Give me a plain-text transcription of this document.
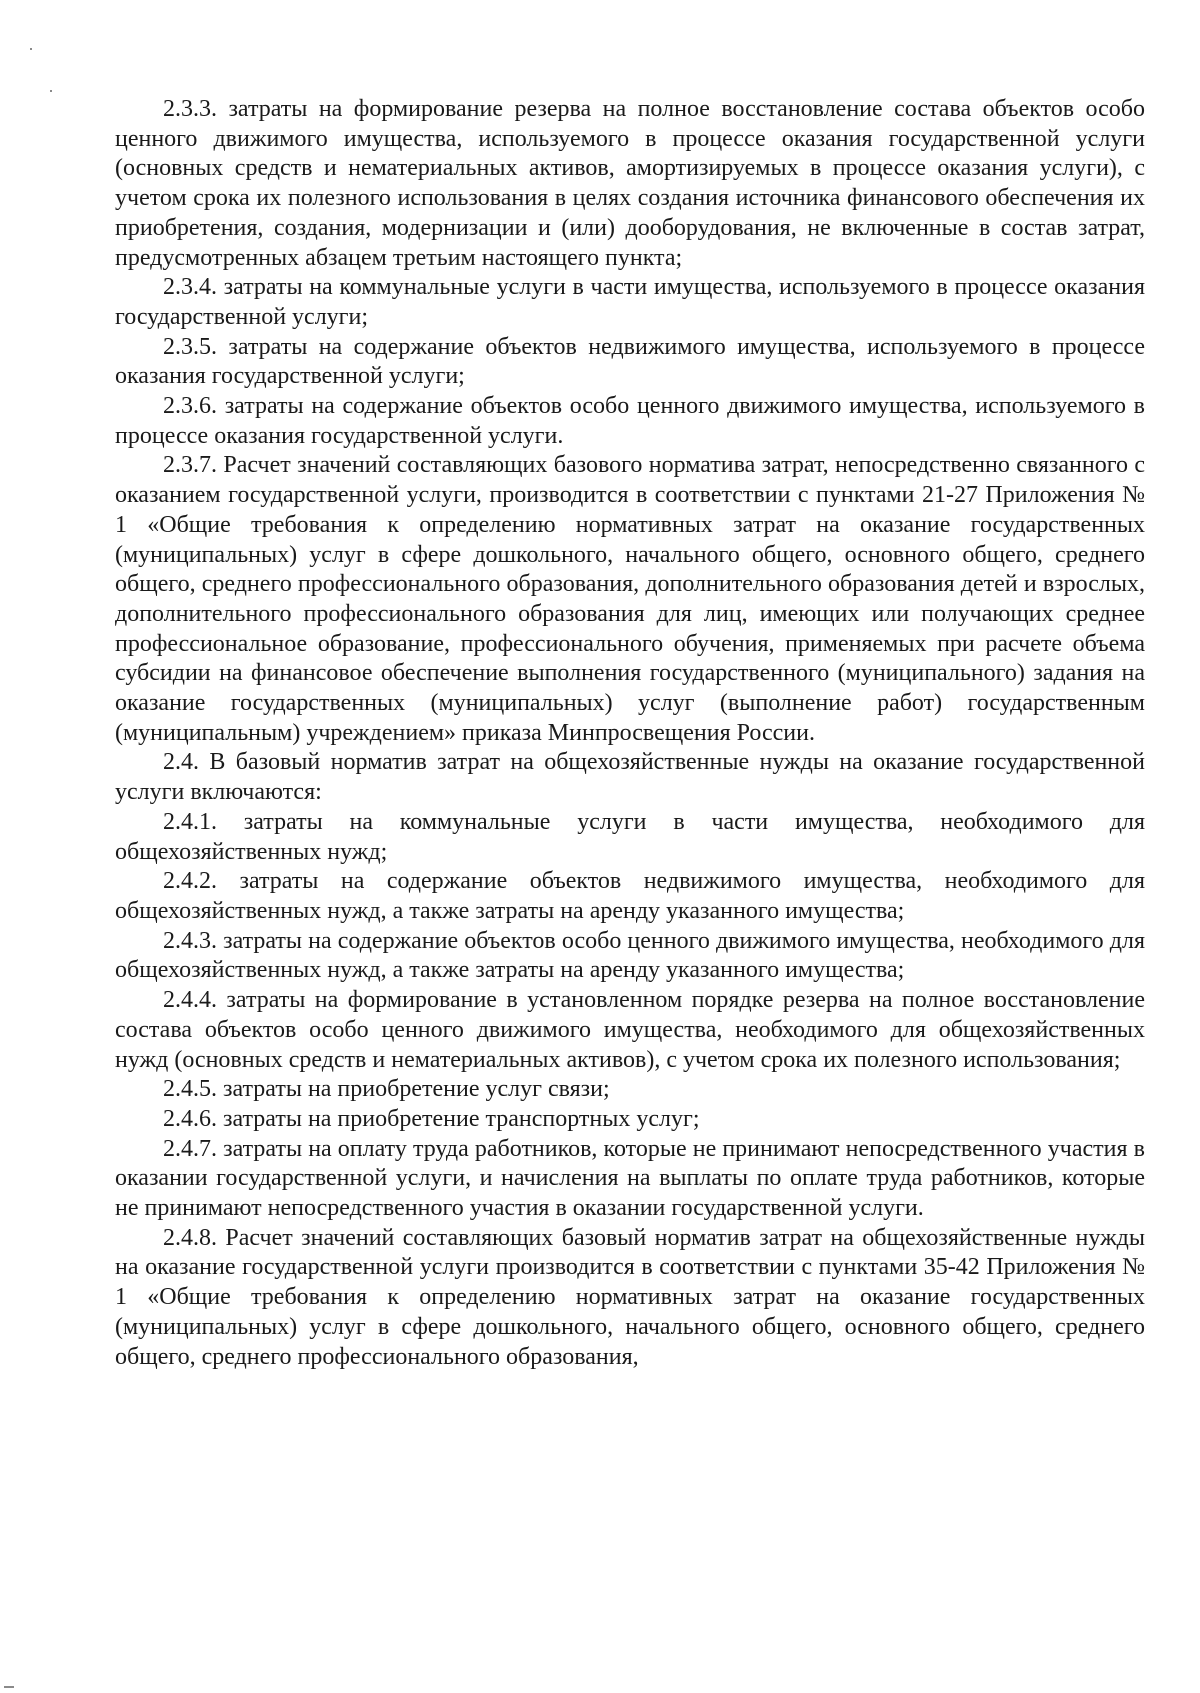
2.3.3. затраты на формирование резерва на полное восстановление состава объектов особо ценного движимого имущества, используемого в процессе оказания государственной услуги (основных средств и нематериальных активов, амортизируемых в процессе оказания услуги), с учетом срока их полезного использования в целях создания источника финансового обеспечения их приобретения, создания, модернизации и (или) дооборудования, не включенные в состав затрат, предусмотренных абзацем третьим настоящего пункта;

2.3.4. затраты на коммунальные услуги в части имущества, используемого в процессе оказания государственной услуги;

2.3.5. затраты на содержание объектов недвижимого имущества, используемого в процессе оказания государственной услуги;

2.3.6. затраты на содержание объектов особо ценного движимого имущества, используемого в процессе оказания государственной услуги.

2.3.7. Расчет значений составляющих базового норматива затрат, непосредственно связанного с оказанием государственной услуги, производится в соответствии с пунктами 21-27 Приложения № 1 «Общие требования к определению нормативных затрат на оказание государственных (муниципальных) услуг в сфере дошкольного, начального общего, основного общего, среднего общего, среднего профессионального образования, дополнительного образования детей и взрослых, дополнительного профессионального образования для лиц, имеющих или получающих среднее профессиональное образование, профессионального обучения, применяемых при расчете объема субсидии на финансовое обеспечение выполнения государственного (муниципального) задания на оказание государственных (муниципальных) услуг (выполнение работ) государственным (муниципальным) учреждением» приказа Минпросвещения России.

2.4. В базовый норматив затрат на общехозяйственные нужды на оказание государственной услуги включаются:

2.4.1. затраты на коммунальные услуги в части имущества, необходимого для общехозяйственных нужд;

2.4.2. затраты на содержание объектов недвижимого имущества, необходимого для общехозяйственных нужд, а также затраты на аренду указанного имущества;

2.4.3. затраты на содержание объектов особо ценного движимого имущества, необходимого для общехозяйственных нужд, а также затраты на аренду указанного имущества;

2.4.4. затраты на формирование в установленном порядке резерва на полное восстановление состава объектов особо ценного движимого имущества, необходимого для общехозяйственных нужд (основных средств и нематериальных активов), с учетом срока их полезного использования;

2.4.5. затраты на приобретение услуг связи;

2.4.6. затраты на приобретение транспортных услуг;

2.4.7. затраты на оплату труда работников, которые не принимают непосредственного участия в оказании государственной услуги, и начисления на выплаты по оплате труда работников, которые не принимают непосредственного участия в оказании государственной услуги.

2.4.8. Расчет значений составляющих базовый норматив затрат на общехозяйственные нужды на оказание государственной услуги производится в соответствии с пунктами 35-42 Приложения № 1 «Общие требования к определению нормативных затрат на оказание государственных (муниципальных) услуг в сфере дошкольного, начального общего, основного общего, среднего общего, среднего профессионального образования,
